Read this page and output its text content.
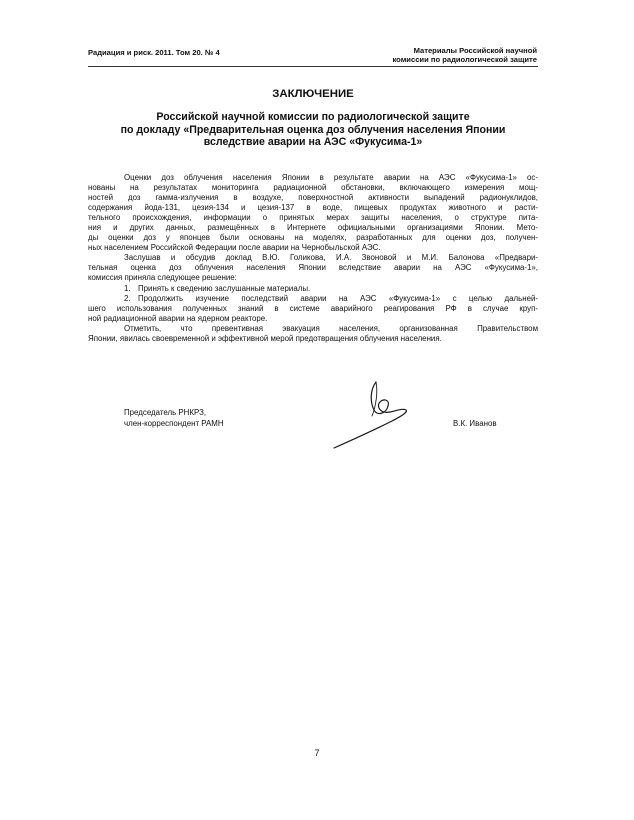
Радиация и риск. 2011. Том 20. № 4	Материалы Российской научной
комиссии по радиологической защите
ЗАКЛЮЧЕНИЕ
Российской научной комиссии по радиологической защите
по докладу «Предварительная оценка доз облучения населения Японии
вследствие аварии на АЭС «Фукусима-1»
Оценки доз облучения населения Японии в результате аварии на АЭС «Фукусима-1» ос-
нованы на результатах мониторинга радиационной обстановки, включающего измерения мощ-
ностей доз гамма-излучения в воздухе, поверхностной активности выпадений радионуклидов,
содержания йода-131, цезия-134 и цезия-137 в воде, пищевых продуктах животного и расти-
тельного происхождения, информации о принятых мерах защиты населения, о структуре пита-
ния и других данных, размещённых в Интернете официальными организациями Японии. Мето-
ды оценки доз у японцев были основаны на моделях, разработанных для оценки доз, получен-
ных населением Российской Федерации после аварии на Чернобыльской АЭС.
Заслушав и обсудив доклад В.Ю. Голикова, И.А. Звоновой и М.И. Балонова «Предвари-
тельная оценка доз облучения населения Японии вследствие аварии на АЭС «Фукусима-1»,
комиссия приняла следующее решение:
1. Принять к сведению заслушанные материалы.
2. Продолжить изучение последствий аварии на АЭС «Фукусима-1» с целью дальней-
шего использования полученных знаний в системе аварийного реагирования РФ в случае круп-
ной радиационной аварии на ядерном реакторе.
Отметить, что превентивная эвакуация населения, организованная Правительством
Японии, явилась своевременной и эффективной мерой предотвращения облучения населения.
Председатель РНКРЗ,
член-корреспондент РАМН	В.К. Иванов
7
